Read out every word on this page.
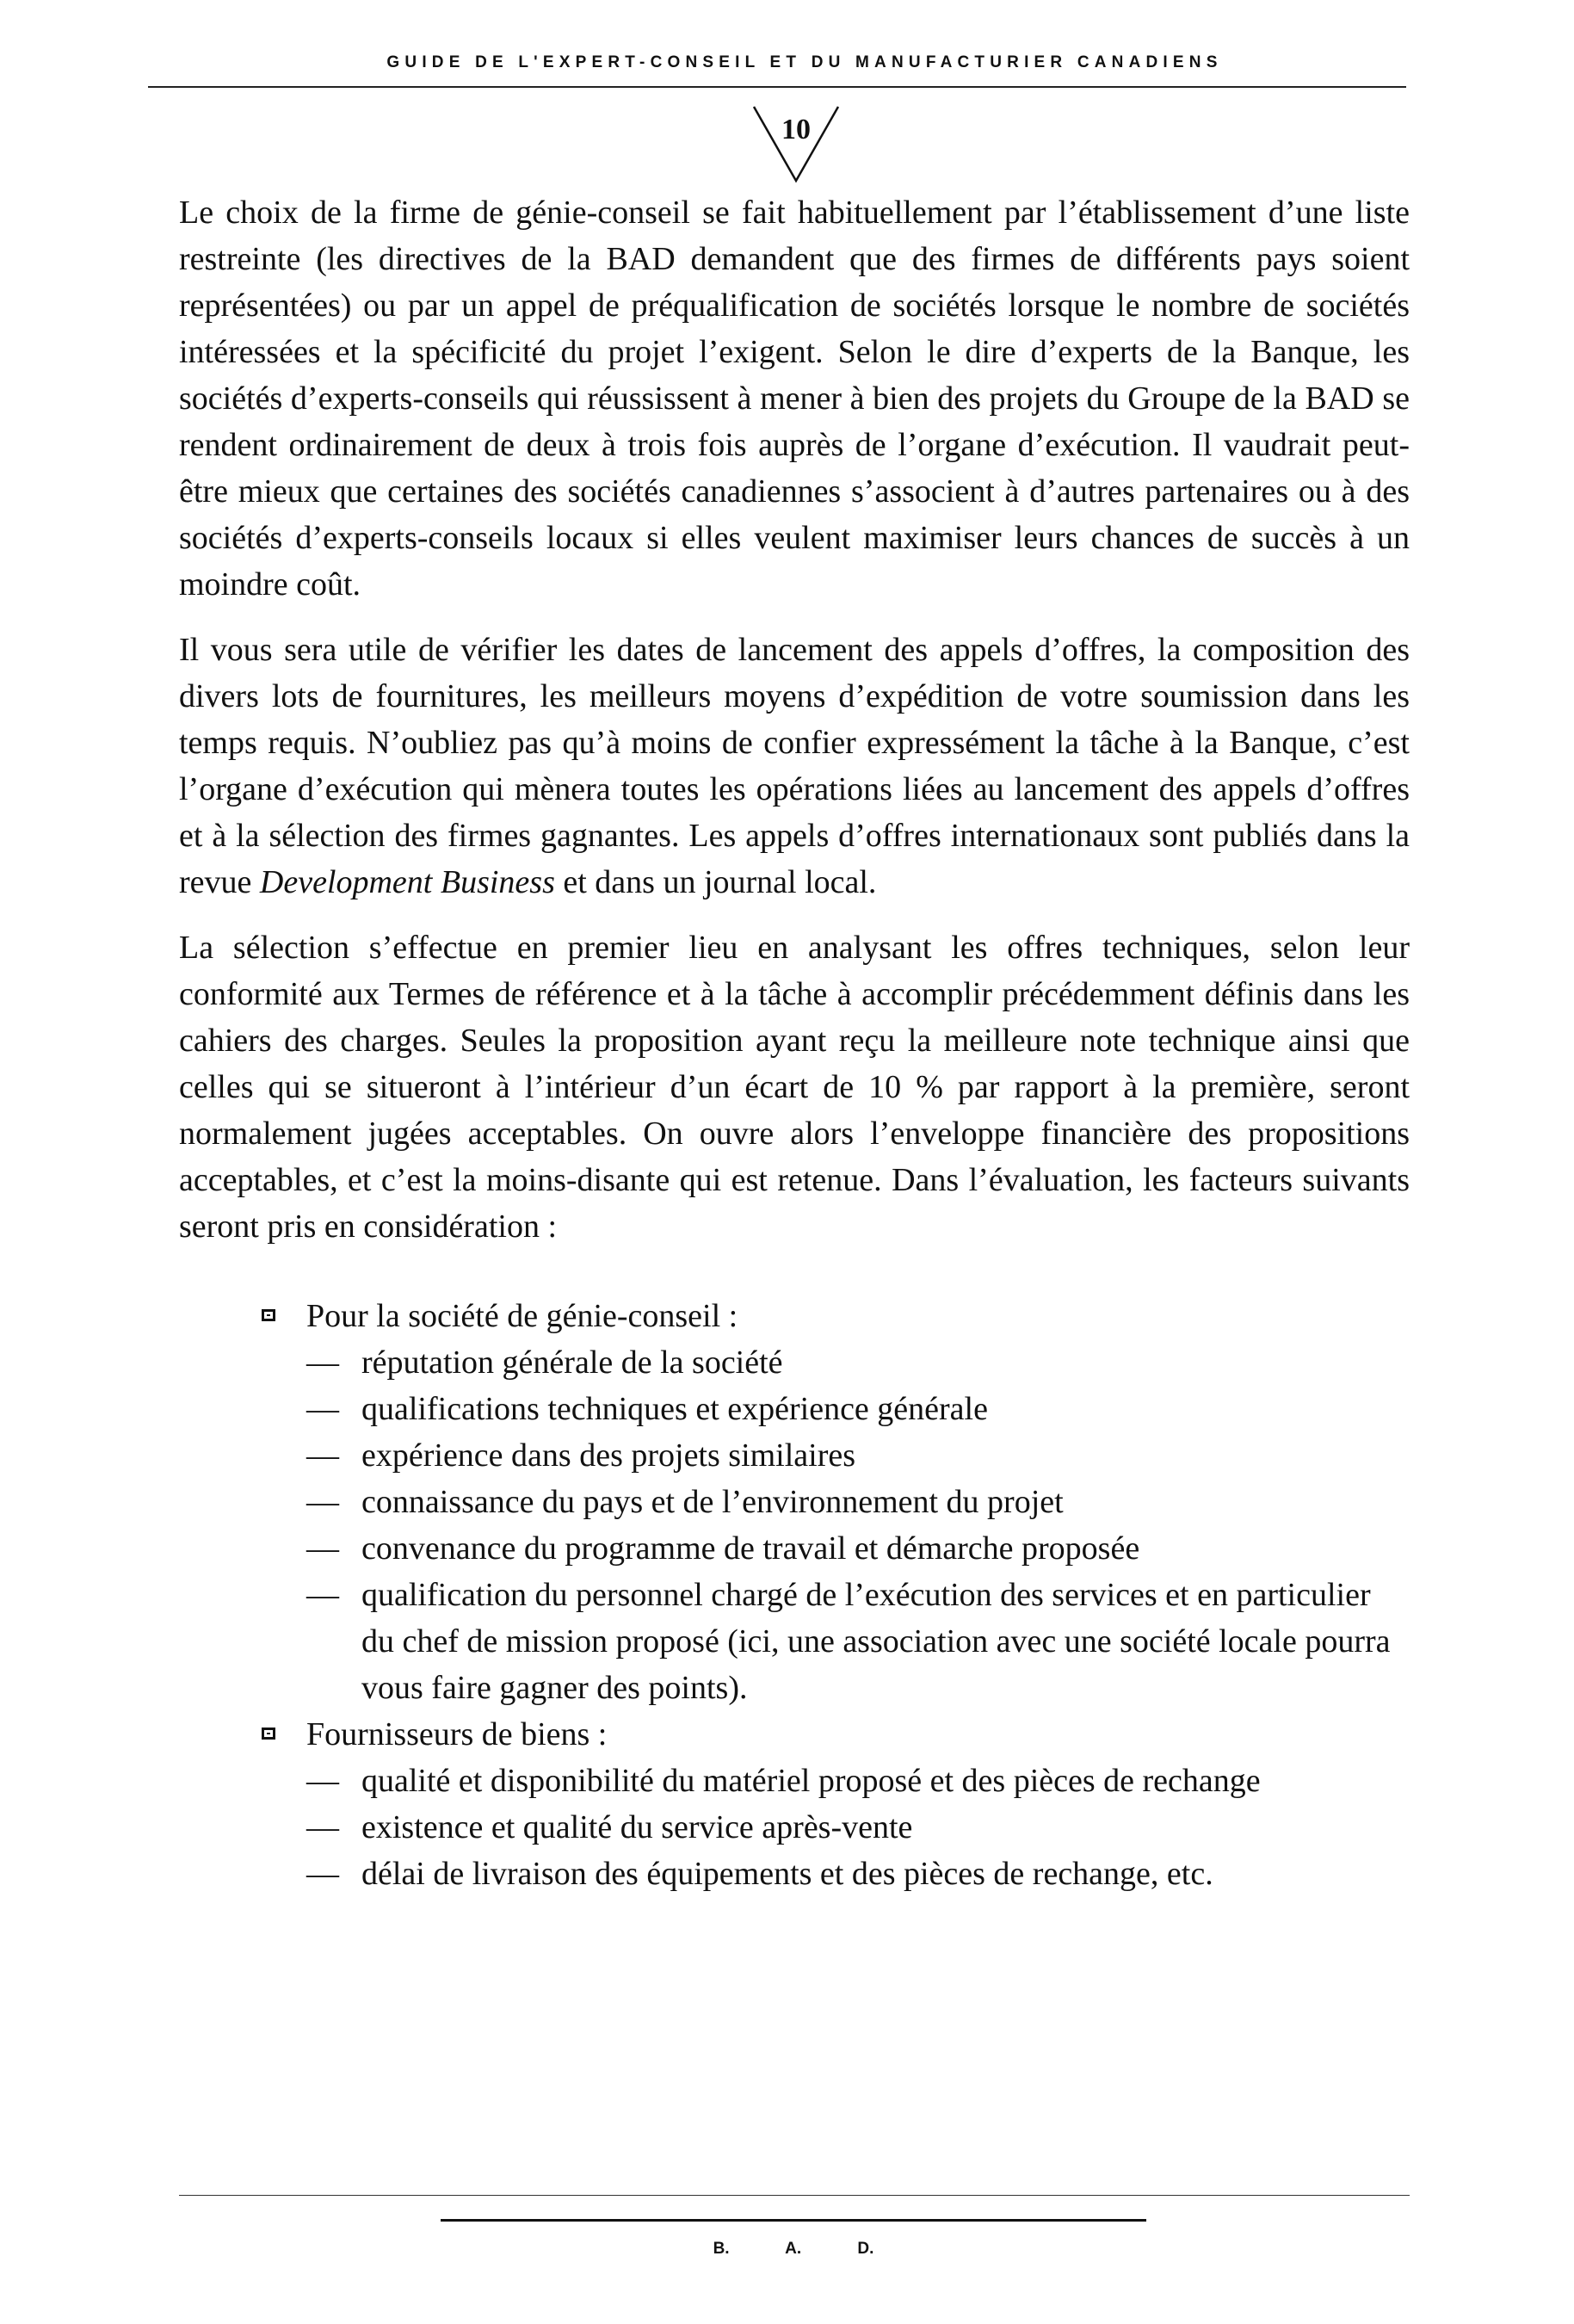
GUIDE DE L'EXPERT-CONSEIL ET DU MANUFACTURIER CANADIENS
10

Le choix de la firme de génie-conseil se fait habituellement par l’établissement d’une liste restreinte (les directives de la BAD demandent que des firmes de différents pays soient représentées) ou par un appel de préqualification de sociétés lorsque le nombre de sociétés intéressées et la spécificité du projet l’exigent. Selon le dire d’experts de la Banque, les sociétés d’experts-conseils qui réussissent à mener à bien des projets du Groupe de la BAD se rendent ordinairement de deux à trois fois auprès de l’organe d’exécution. Il vaudrait peut-être mieux que certaines des sociétés canadiennes s’associent à d’autres partenaires ou à des sociétés d’experts-conseils locaux si elles veulent maximiser leurs chances de succès à un moindre coût.

Il vous sera utile de vérifier les dates de lancement des appels d’offres, la composition des divers lots de fournitures, les meilleurs moyens d’expédition de votre soumission dans les temps requis. N’oubliez pas qu’à moins de confier expressément la tâche à la Banque, c’est l’organe d’exécution qui mènera toutes les opérations liées au lancement des appels d’offres et à la sélection des firmes gagnantes. Les appels d’offres internationaux sont publiés dans la revue Development Business et dans un journal local.

La sélection s’effectue en premier lieu en analysant les offres techniques, selon leur conformité aux Termes de référence et à la tâche à accomplir précédemment définis dans les cahiers des charges. Seules la proposition ayant reçu la meilleure note technique ainsi que celles qui se situeront à l’intérieur d’un écart de 10 % par rapport à la première, seront normalement jugées acceptables. On ouvre alors l’enveloppe financière des propositions acceptables, et c’est la moins-disante qui est retenue. Dans l’évaluation, les facteurs suivants seront pris en considération :

Pour la société de génie-conseil :
— réputation générale de la société
— qualifications techniques et expérience générale
— expérience dans des projets similaires
— connaissance du pays et de l’environnement du projet
— convenance du programme de travail et démarche proposée
— qualification du personnel chargé de l’exécution des services et en particulier du chef de mission proposé (ici, une association avec une société locale pourra vous faire gagner des points).
Fournisseurs de biens :
— qualité et disponibilité du matériel proposé et des pièces de rechange
— existence et qualité du service après-vente
— délai de livraison des équipements et des pièces de rechange, etc.
B. A. D.
